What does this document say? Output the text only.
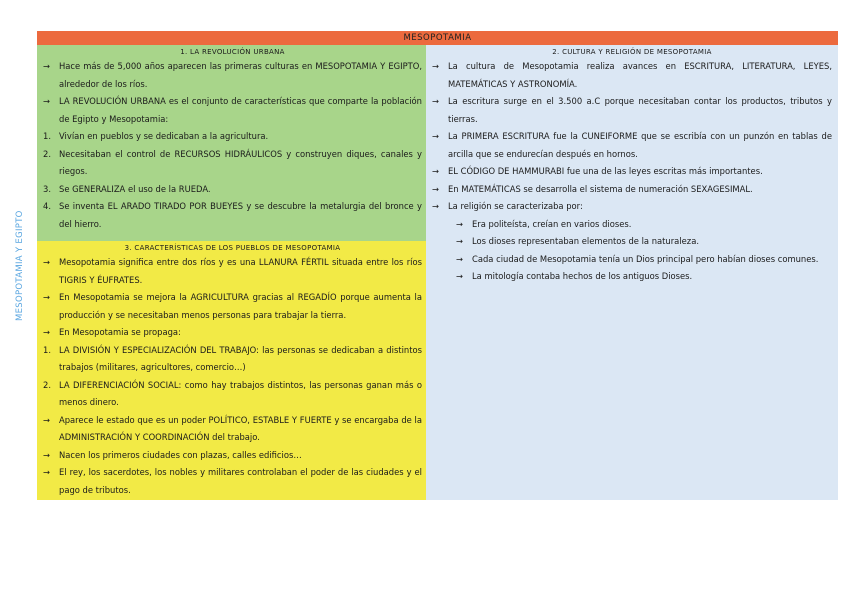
MESOPOTAMIA Y EGIPTO
MESOPOTAMIA
1. LA REVOLUCIÓN URBANA
→	Hace más de 5,000 años aparecen las primeras culturas en MESOPOTAMIA Y EGIPTO, alrededor de los ríos.
→	LA REVOLUCIÓN URBANA es el conjunto de características que comparte la población de Egipto y Mesopotamia:
1. Vivían en pueblos y se dedicaban a la agricultura.
2. Necesitaban el control de RECURSOS HIDRÁULICOS y construyen diques, canales y riegos.
3. Se GENERALIZA el uso de la RUEDA.
4. Se inventa EL ARADO TIRADO POR BUEYES y se descubre la metalurgia del bronce y del hierro.
3. CARACTERÍSTICAS DE LOS PUEBLOS DE MESOPOTAMIA
→	Mesopotamia significa entre dos ríos y es una LLANURA FÉRTIL situada entre los ríos TIGRIS Y ÉUFRATES.
→	En Mesopotamia se mejora la AGRICULTURA gracias al REGADÍO porque aumenta la producción y se necesitaban menos personas para trabajar la tierra.
→	En Mesopotamia se propaga:
1. LA DIVISIÓN Y ESPECIALIZACIÓN DEL TRABAJO: las personas se dedicaban a distintos trabajos (militares, agricultores, comercio…)
2. LA DIFERENCIACIÓN SOCIAL: como hay trabajos distintos, las personas ganan más o menos dinero.
→	Aparece le estado que es un poder POLÍTICO, ESTABLE Y FUERTE y se encargaba de la ADMINISTRACIÓN Y COORDINACIÓN del trabajo.
→	Nacen los primeros ciudades con plazas, calles edificios…
→	El rey, los sacerdotes, los nobles y militares controlaban el poder de las ciudades y el pago de tributos.
2. CULTURA Y RELIGIÓN DE MESOPOTAMIA
→	La cultura de Mesopotamia realiza avances en ESCRITURA, LITERATURA, LEYES, MATEMÁTICAS Y ASTRONOMÍA.
→	La escritura surge en el 3.500 a.C porque necesitaban contar los productos, tributos y tierras.
→	La PRIMERA ESCRITURA fue la CUNEIFORME que se escribía con un punzón en tablas de arcilla que se endurecían después en hornos.
→	EL CÓDIGO DE HAMMURABI fue una de las leyes escritas más importantes.
→	En MATEMÁTICAS se desarrolla el sistema de numeración SEXAGESIMAL.
→	La religión se caracterizaba por:
→	Era politeísta, creían en varios dioses.
→	Los dioses representaban elementos de la naturaleza.
→	Cada ciudad de Mesopotamia tenía un Dios principal pero habían dioses comunes.
→	La mitología contaba hechos de los antiguos Dioses.
